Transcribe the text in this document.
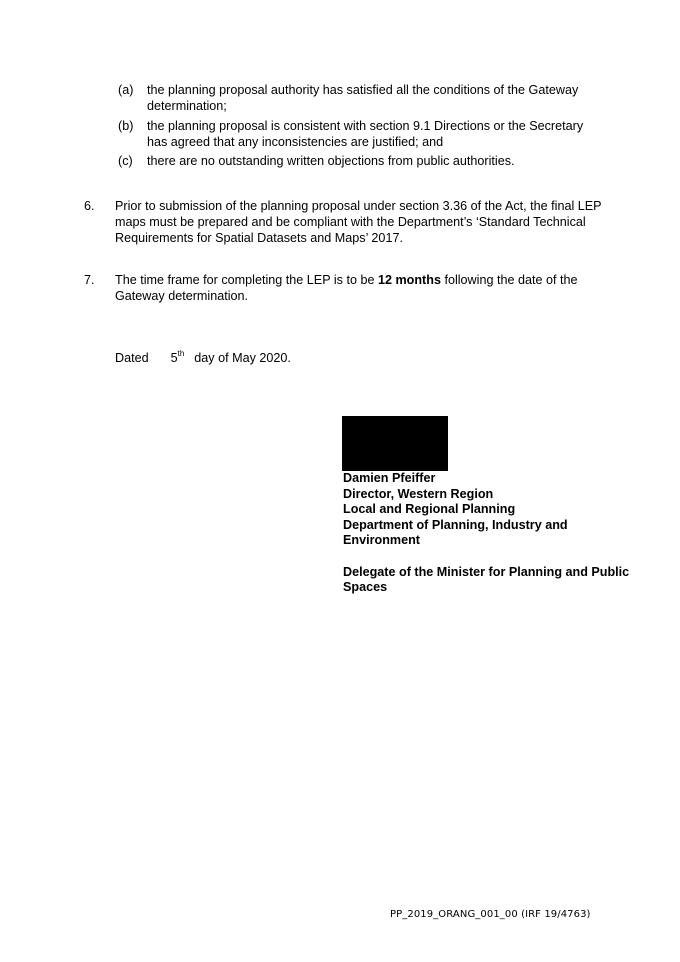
(a)	the planning proposal authority has satisfied all the conditions of the Gateway determination;
(b)	the planning proposal is consistent with section 9.1 Directions or the Secretary has agreed that any inconsistencies are justified; and
(c)	there are no outstanding written objections from public authorities.
6.	Prior to submission of the planning proposal under section 3.36 of the Act, the final LEP maps must be prepared and be compliant with the Department’s ‘Standard Technical Requirements for Spatial Datasets and Maps’ 2017.
7.	The time frame for completing the LEP is to be 12 months following the date of the Gateway determination.
Dated 5th day of May 2020.
Damien Pfeiffer
Director, Western Region
Local and Regional Planning
Department of Planning, Industry and Environment
Delegate of the Minister for Planning and Public Spaces
PP_2019_ORANG_001_00 (IRF 19/4763)
